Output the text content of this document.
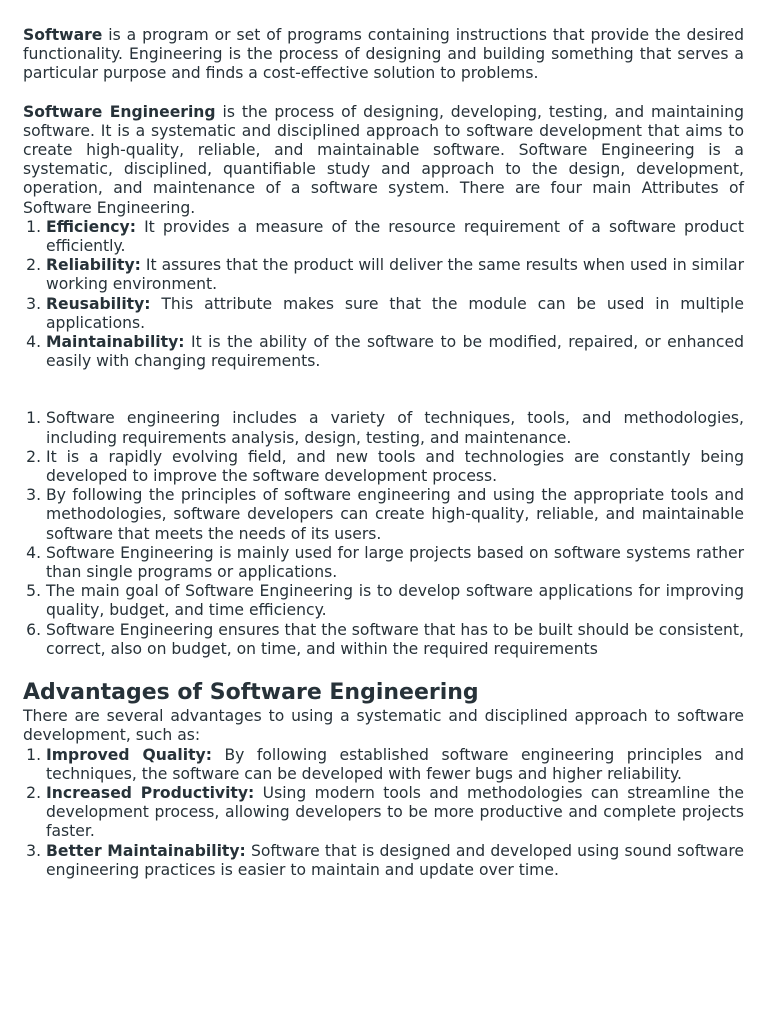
Software is a program or set of programs containing instructions that provide the desired functionality. Engineering is the process of designing and building something that serves a particular purpose and finds a cost-effective solution to problems.

Software Engineering is the process of designing, developing, testing, and maintaining software. It is a systematic and disciplined approach to software development that aims to create high-quality, reliable, and maintainable software. Software Engineering is a systematic, disciplined, quantifiable study and approach to the design, development, operation, and maintenance of a software system. There are four main Attributes of Software Engineering.

1. Efficiency: It provides a measure of the resource requirement of a software product efficiently.
2. Reliability: It assures that the product will deliver the same results when used in similar working environment.
3. Reusability: This attribute makes sure that the module can be used in multiple applications.
4. Maintainability: It is the ability of the software to be modified, repaired, or enhanced easily with changing requirements.
1. Software engineering includes a variety of techniques, tools, and methodologies, including requirements analysis, design, testing, and maintenance.
2. It is a rapidly evolving field, and new tools and technologies are constantly being developed to improve the software development process.
3. By following the principles of software engineering and using the appropriate tools and methodologies, software developers can create high-quality, reliable, and maintainable software that meets the needs of its users.
4. Software Engineering is mainly used for large projects based on software systems rather than single programs or applications.
5. The main goal of Software Engineering is to develop software applications for improving quality, budget, and time efficiency.
6. Software Engineering ensures that the software that has to be built should be consistent, correct, also on budget, on time, and within the required requirements
Advantages of Software Engineering

There are several advantages to using a systematic and disciplined approach to software development, such as:

1. Improved Quality: By following established software engineering principles and techniques, the software can be developed with fewer bugs and higher reliability.
2. Increased Productivity: Using modern tools and methodologies can streamline the development process, allowing developers to be more productive and complete projects faster.
3. Better Maintainability: Software that is designed and developed using sound software engineering practices is easier to maintain and update over time.
